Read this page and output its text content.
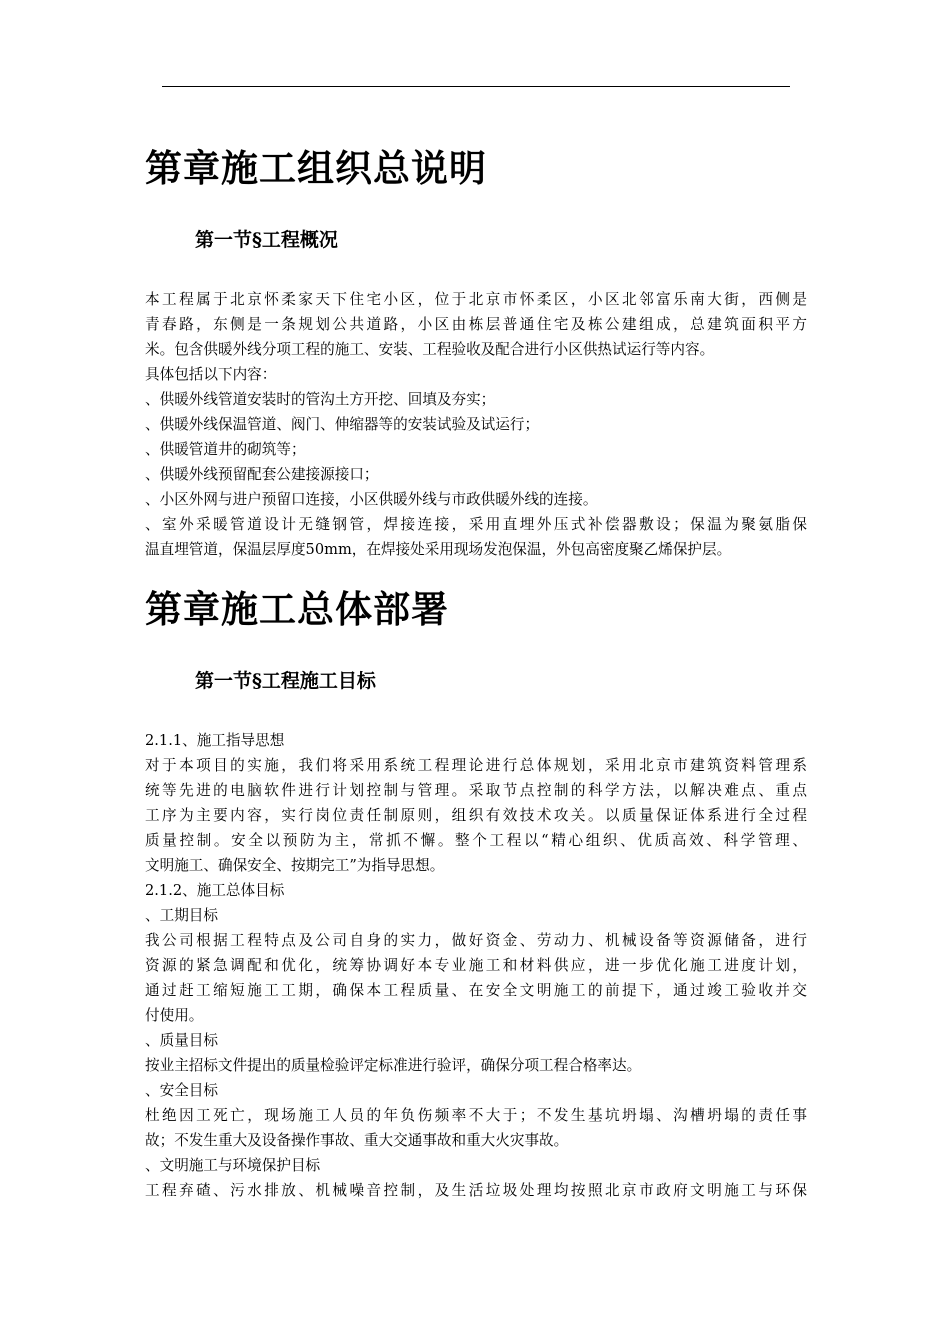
第章施工组织总说明
第一节§工程概况
本工程属于北京怀柔家天下住宅小区，位于北京市怀柔区，小区北邻富乐南大街，西侧是
青春路，东侧是一条规划公共道路，小区由栋层普通住宅及栋公建组成，总建筑面积平方
米。包含供暖外线分项工程的施工、安装、工程验收及配合进行小区供热试运行等内容。
具体包括以下内容：
、供暖外线管道安装时的管沟土方开挖、回填及夯实；
、供暖外线保温管道、阀门、伸缩器等的安装试验及试运行；
、供暖管道井的砌筑等；
、供暖外线预留配套公建接源接口；
、小区外网与进户预留口连接，小区供暖外线与市政供暖外线的连接。
、室外采暖管道设计无缝钢管，焊接连接，采用直埋外压式补偿器敷设；保温为聚氨脂保
温直埋管道，保温层厚度50mm，在焊接处采用现场发泡保温，外包高密度聚乙烯保护层。
第章施工总体部署
第一节§工程施工目标
2.1.1、施工指导思想
对于本项目的实施，我们将采用系统工程理论进行总体规划，采用北京市建筑资料管理系
统等先进的电脑软件进行计划控制与管理。采取节点控制的科学方法，以解决难点、重点
工序为主要内容，实行岗位责任制原则，组织有效技术攻关。以质量保证体系进行全过程
质量控制。安全以预防为主，常抓不懈。整个工程以“精心组织、优质高效、科学管理、
文明施工、确保安全、按期完工”为指导思想。
2.1.2、施工总体目标
、工期目标
我公司根据工程特点及公司自身的实力，做好资金、劳动力、机械设备等资源储备，进行
资源的紧急调配和优化，统筹协调好本专业施工和材料供应，进一步优化施工进度计划，
通过赶工缩短施工工期，确保本工程质量、在安全文明施工的前提下，通过竣工验收并交
付使用。
、质量目标
按业主招标文件提出的质量检验评定标准进行验评，确保分项工程合格率达。
、安全目标
杜绝因工死亡，现场施工人员的年负伤频率不大于；不发生基坑坍塌、沟槽坍塌的责任事
故；不发生重大及设备操作事故、重大交通事故和重大火灾事故。
、文明施工与环境保护目标
工程弃碴、污水排放、机械噪音控制，及生活垃圾处理均按照北京市政府文明施工与环保
